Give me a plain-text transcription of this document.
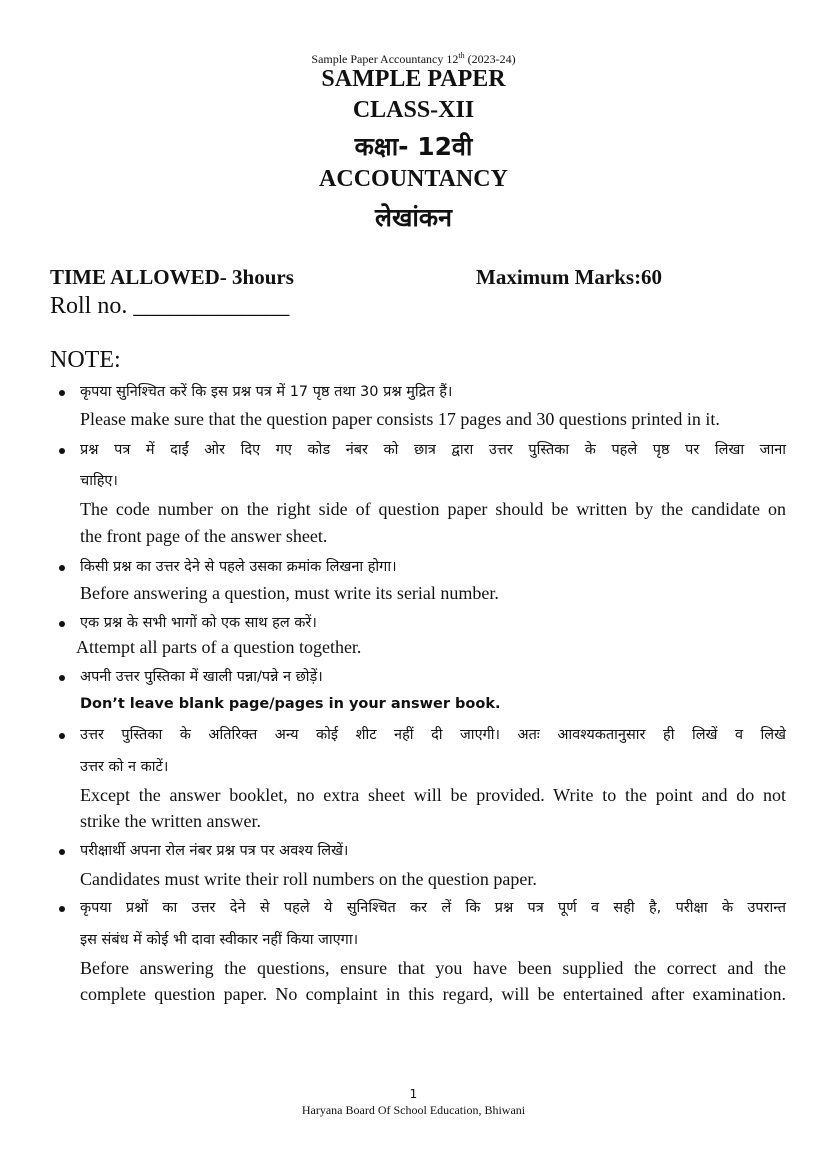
Sample Paper Accountancy 12th (2023-24)
SAMPLE PAPER
CLASS-XII
कक्षा- 12वी
ACCOUNTANCY
लेखांकन
TIME ALLOWED- 3hours	Maximum Marks:60
Roll no. _____________
NOTE:
कृपया सुनिश्चित करें कि इस प्रश्न पत्र में 17 पृष्ठ तथा 30 प्रश्न मुद्रित हैं।
Please make sure that the question paper consists 17 pages and 30 questions printed in it.
प्रश्न पत्र में दाईं ओर दिए गए कोड नंबर को छात्र द्वारा उत्तर पुस्तिका के पहले पृष्ठ पर लिखा जाना
चाहिए।
The code number on the right side of question paper should be written by the candidate on
the front page of the answer sheet.
किसी प्रश्न का उत्तर देने से पहले उसका क्रमांक लिखना होगा।
Before answering a question, must write its serial number.
एक प्रश्न के सभी भागों को एक साथ हल करें।
Attempt all parts of a question together.
अपनी उत्तर पुस्तिका में खाली पन्ना/पन्ने न छोड़ें।
Don’t leave blank page/pages in your answer book.
उत्तर पुस्तिका के अतिरिक्त अन्य कोई शीट नहीं दी जाएगी। अतः आवश्यकतानुसार ही लिखें व लिखे
उत्तर को न काटें।
Except the answer booklet, no extra sheet will be provided. Write to the point and do not
strike the written answer.
परीक्षार्थी अपना रोल नंबर प्रश्न पत्र पर अवश्य लिखें।
Candidates must write their roll numbers on the question paper.
कृपया प्रश्नों का उत्तर देने से पहले ये सुनिश्चित कर लें कि प्रश्न पत्र पूर्ण व सही है, परीक्षा के उपरान्त
इस संबंध में कोई भी दावा स्वीकार नहीं किया जाएगा।
Before answering the questions, ensure that you have been supplied the correct and the
complete question paper. No complaint in this regard, will be entertained after examination.
1
Haryana Board Of School Education, Bhiwani
